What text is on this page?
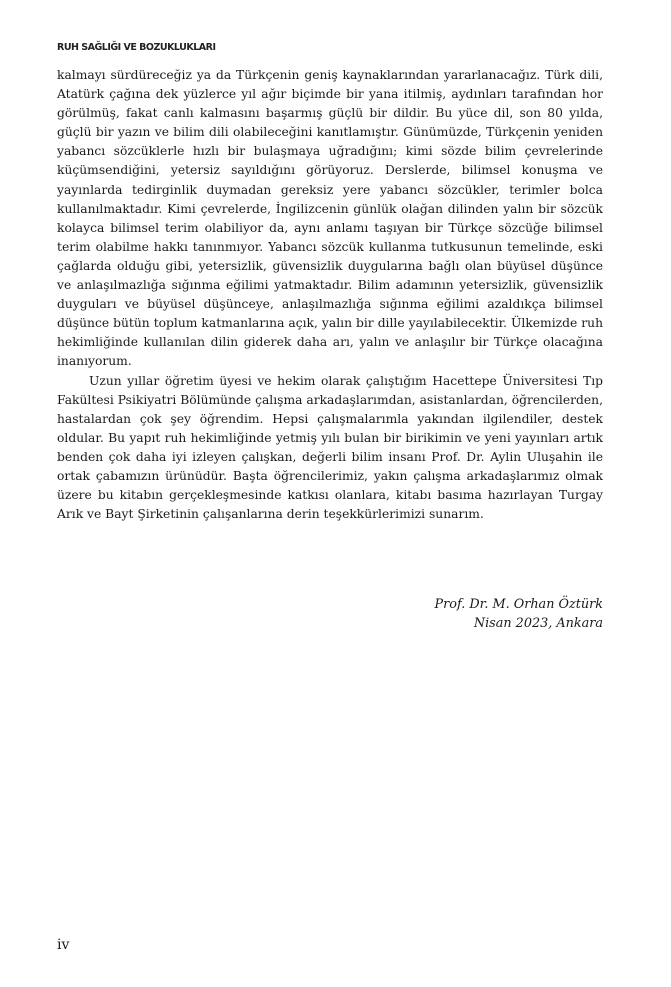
RUH SAĞLIĞI VE BOZUKLUKLARI

kalmayı sürdüreceğiz ya da Türkçenin geniş kaynaklarından yararlanacağız. Türk dili, Atatürk çağına dek yüzlerce yıl ağır biçimde bir yana itilmiş, aydınları tarafından hor görülmüş, fakat canlı kalmasını başarmış güçlü bir dildir. Bu yüce dil, son 80 yılda, güçlü bir yazın ve bilim dili olabileceğini kanıtlamıştır. Günümüzde, Türkçenin yeniden yabancı sözcüklerle hızlı bir bulaşmaya uğradığını; kimi sözde bilim çevrelerinde küçümsendiğini, yetersiz sayıldığını görüyoruz. Derslerde, bilimsel konuşma ve yayınlarda tedirginlik duymadan gereksiz yere yabancı sözcükler, terimler bolca kullanılmaktadır. Kimi çevrelerde, İngilizcenin günlük olağan dilinden yalın bir sözcük kolayca bilimsel terim olabiliyor da, aynı anlamı taşıyan bir Türkçe sözcüğe bilimsel terim olabilme hakkı tanınmıyor. Yabancı sözcük kullanma tutkusunun temelinde, eski çağlarda olduğu gibi, yetersizlik, güvensizlik duygularına bağlı olan büyüsel düşünce ve anlaşılmazlığa sığınma eğilimi yatmaktadır. Bilim adamının yetersizlik, güvensizlik duyguları ve büyüsel düşünceye, anlaşılmazlığa sığınma eğilimi azaldıkça bilimsel düşünce bütün toplum katmanlarına açık, yalın bir dille yayılabilecektir. Ülkemizde ruh hekimliğinde kullanılan dilin giderek daha arı, yalın ve anlaşılır bir Türkçe olacağına inanıyorum.

Uzun yıllar öğretim üyesi ve hekim olarak çalıştığım Hacettepe Üniversitesi Tıp Fakültesi Psikiyatri Bölümünde çalışma arkadaşlarımdan, asistanlardan, öğrencilerden, hastalardan çok şey öğrendim. Hepsi çalışmalarımla yakından ilgilendiler, destek oldular. Bu yapıt ruh hekimliğinde yetmiş yılı bulan bir birikimin ve yeni yayınları artık benden çok daha iyi izleyen çalışkan, değerli bilim insanı Prof. Dr. Aylin Uluşahin ile ortak çabamızın ürünüdür. Başta öğrencilerimiz, yakın çalışma arkadaşlarımız olmak üzere bu kitabın gerçekleşmesinde katkısı olanlara, kitabı basıma hazırlayan Turgay Arık ve Bayt Şirketinin çalışanlarına derin teşekkürlerimizi sunarım.

Prof. Dr. M. Orhan Öztürk
Nisan 2023, Ankara
iv
